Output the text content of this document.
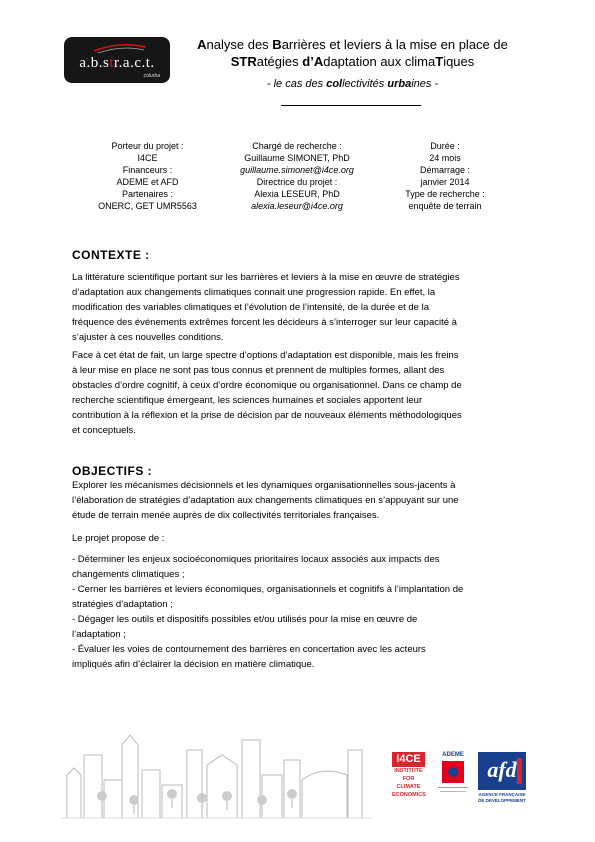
a.b.str.a.c.t.
colurba
Analyse des Barrières et leviers à la mise en place de
STRatégies d’Adaptation aux climaTiques
- le cas des collectivités urbaines -
Porteur du projet :
I4CE
Financeurs :
ADEME et AFD
Partenaires :
ONERC, GET UMR5563
Chargé de recherche :
Guillaume SIMONET, PhD
guillaume.simonet@i4ce.org
Directrice du projet :
Alexia LESEUR, PhD
alexia.leseur@i4ce.org
Durée :
24 mois
Démarrage :
janvier 2014
Type de recherche :
enquête de terrain
CONTEXTE :
La littérature scientifique portant sur les barrières et leviers à la mise en œuvre de stratégies
d’adaptation aux changements climatiques connait une progression rapide. En effet, la
modification des variables climatiques et l’évolution de l’intensité, de la durée et de la
fréquence des événements extrêmes forcent les décideurs à s’interroger sur leur capacité à
s’ajuster à ces nouvelles conditions.
Face à cet état de fait, un large spectre d’options d’adaptation est disponible, mais les freins
à leur mise en place ne sont pas tous connus et prennent de multiples formes, allant des
obstacles d’ordre cognitif, à ceux d’ordre économique ou organisationnel. Dans ce champ de
recherche scientifique émergeant, les sciences humaines et sociales apportent leur
contribution à la réflexion et la prise de décision par de nouveaux éléments méthodologiques
et conceptuels.
OBJECTIFS :
Explorer les mécanismes décisionnels et les dynamiques organisationnelles sous-jacents à
l’élaboration de stratégies d’adaptation aux changements climatiques en s’appuyant sur une
étude de terrain menée auprès de dix collectivités territoriales françaises.
Le projet propose de :
- Déterminer les enjeux socioéconomiques prioritaires locaux associés aux impacts des
changements climatiques ;
- Cerner les barrières et leviers économiques, organisationnels et cognitifs à l’implantation de
stratégies d’adaptation ;
- Dégager les outils et dispositifs possibles et/ou utilisés pour la mise en œuvre de
l’adaptation ;
- Évaluer les voies de contournement des barrières en concertation avec les acteurs
impliqués afin d’éclairer la décision en matière climatique.
I4CE
INSTITUTE FOR
CLIMATE
ECONOMICS
ADEME
afd
AGENCE FRANÇAISE
DE DÉVELOPPEMENT
